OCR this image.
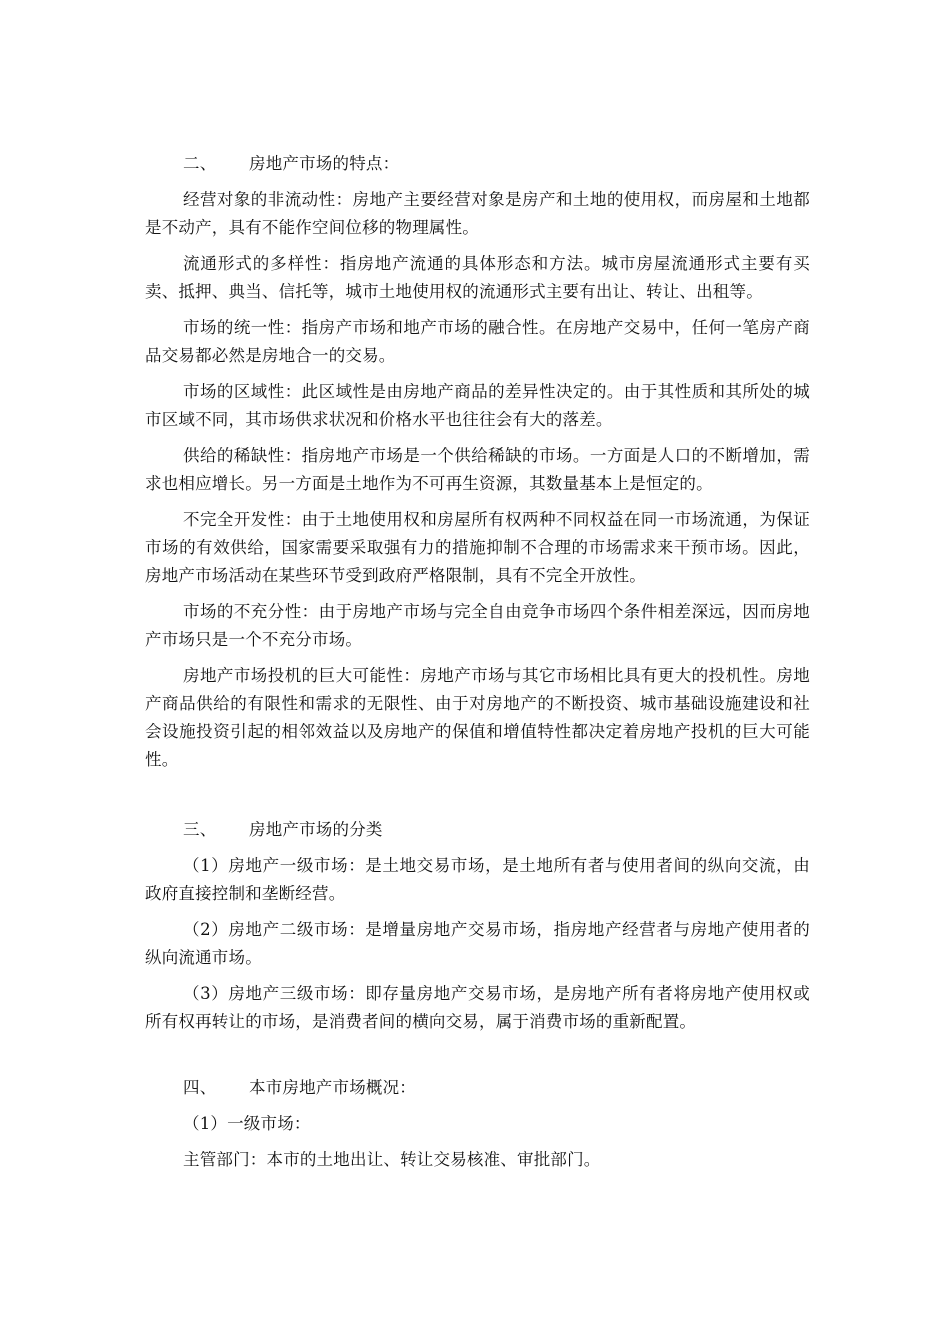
二、 房地产市场的特点：

经营对象的非流动性：房地产主要经营对象是房产和土地的使用权，而房屋和土地都是不动产，具有不能作空间位移的物理属性。

流通形式的多样性：指房地产流通的具体形态和方法。城市房屋流通形式主要有买卖、抵押、典当、信托等，城市土地使用权的流通形式主要有出让、转让、出租等。

市场的统一性：指房产市场和地产市场的融合性。在房地产交易中，任何一笔房产商品交易都必然是房地合一的交易。

市场的区域性：此区域性是由房地产商品的差异性决定的。由于其性质和其所处的城市区域不同，其市场供求状况和价格水平也往往会有大的落差。

供给的稀缺性：指房地产市场是一个供给稀缺的市场。一方面是人口的不断增加，需求也相应增长。另一方面是土地作为不可再生资源，其数量基本上是恒定的。

不完全开发性：由于土地使用权和房屋所有权两种不同权益在同一市场流通，为保证市场的有效供给，国家需要采取强有力的措施抑制不合理的市场需求来干预市场。因此，房地产市场活动在某些环节受到政府严格限制，具有不完全开放性。

市场的不充分性：由于房地产市场与完全自由竞争市场四个条件相差深远，因而房地产市场只是一个不充分市场。

房地产市场投机的巨大可能性：房地产市场与其它市场相比具有更大的投机性。房地产商品供给的有限性和需求的无限性、由于对房地产的不断投资、城市基础设施建设和社会设施投资引起的相邻效益以及房地产的保值和增值特性都决定着房地产投机的巨大可能性。

三、 房地产市场的分类

（1）房地产一级市场：是土地交易市场，是土地所有者与使用者间的纵向交流，由政府直接控制和垄断经营。

（2）房地产二级市场：是增量房地产交易市场，指房地产经营者与房地产使用者的纵向流通市场。

（3）房地产三级市场：即存量房地产交易市场，是房地产所有者将房地产使用权或所有权再转让的市场，是消费者间的横向交易，属于消费市场的重新配置。

四、 本市房地产市场概况：

（1）一级市场：

主管部门：本市的土地出让、转让交易核准、审批部门。
